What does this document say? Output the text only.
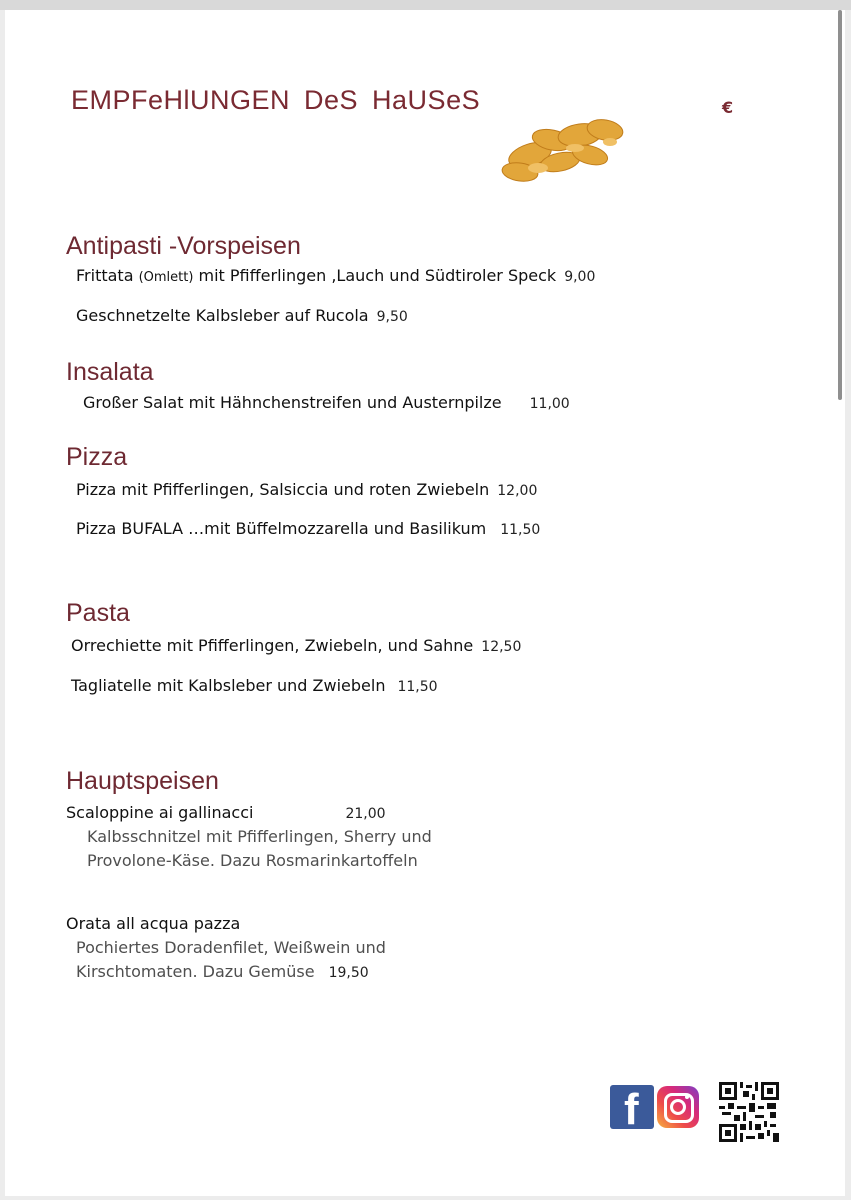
EMPFeHlUNGEN DeS HaUSeS	€
Antipasti -Vorspeisen
Frittata (Omlett) mit Pfifferlingen ,Lauch und Südtiroler Speck 9,00
Geschnetzelte Kalbsleber auf Rucola 9,50
Insalata
Großer Salat mit Hähnchenstreifen und Austernpilze 11,00
Pizza
Pizza mit Pfifferlingen, Salsiccia und roten Zwiebeln 12,00
Pizza BUFALA …mit Büffelmozzarella und Basilikum 11,50
Pasta
Orrechiette mit Pfifferlingen, Zwiebeln, und Sahne 12,50
Tagliatelle mit Kalbsleber und Zwiebeln 11,50
Hauptspeisen
Scaloppine ai gallinacci	21,00
Kalbsschnitzel mit Pfifferlingen, Sherry und
Provolone-Käse. Dazu Rosmarinkartoffeln
Orata all acqua pazza
Pochiertes Doradenfilet, Weißwein und
Kirschtomaten. Dazu Gemüse 19,50
f
